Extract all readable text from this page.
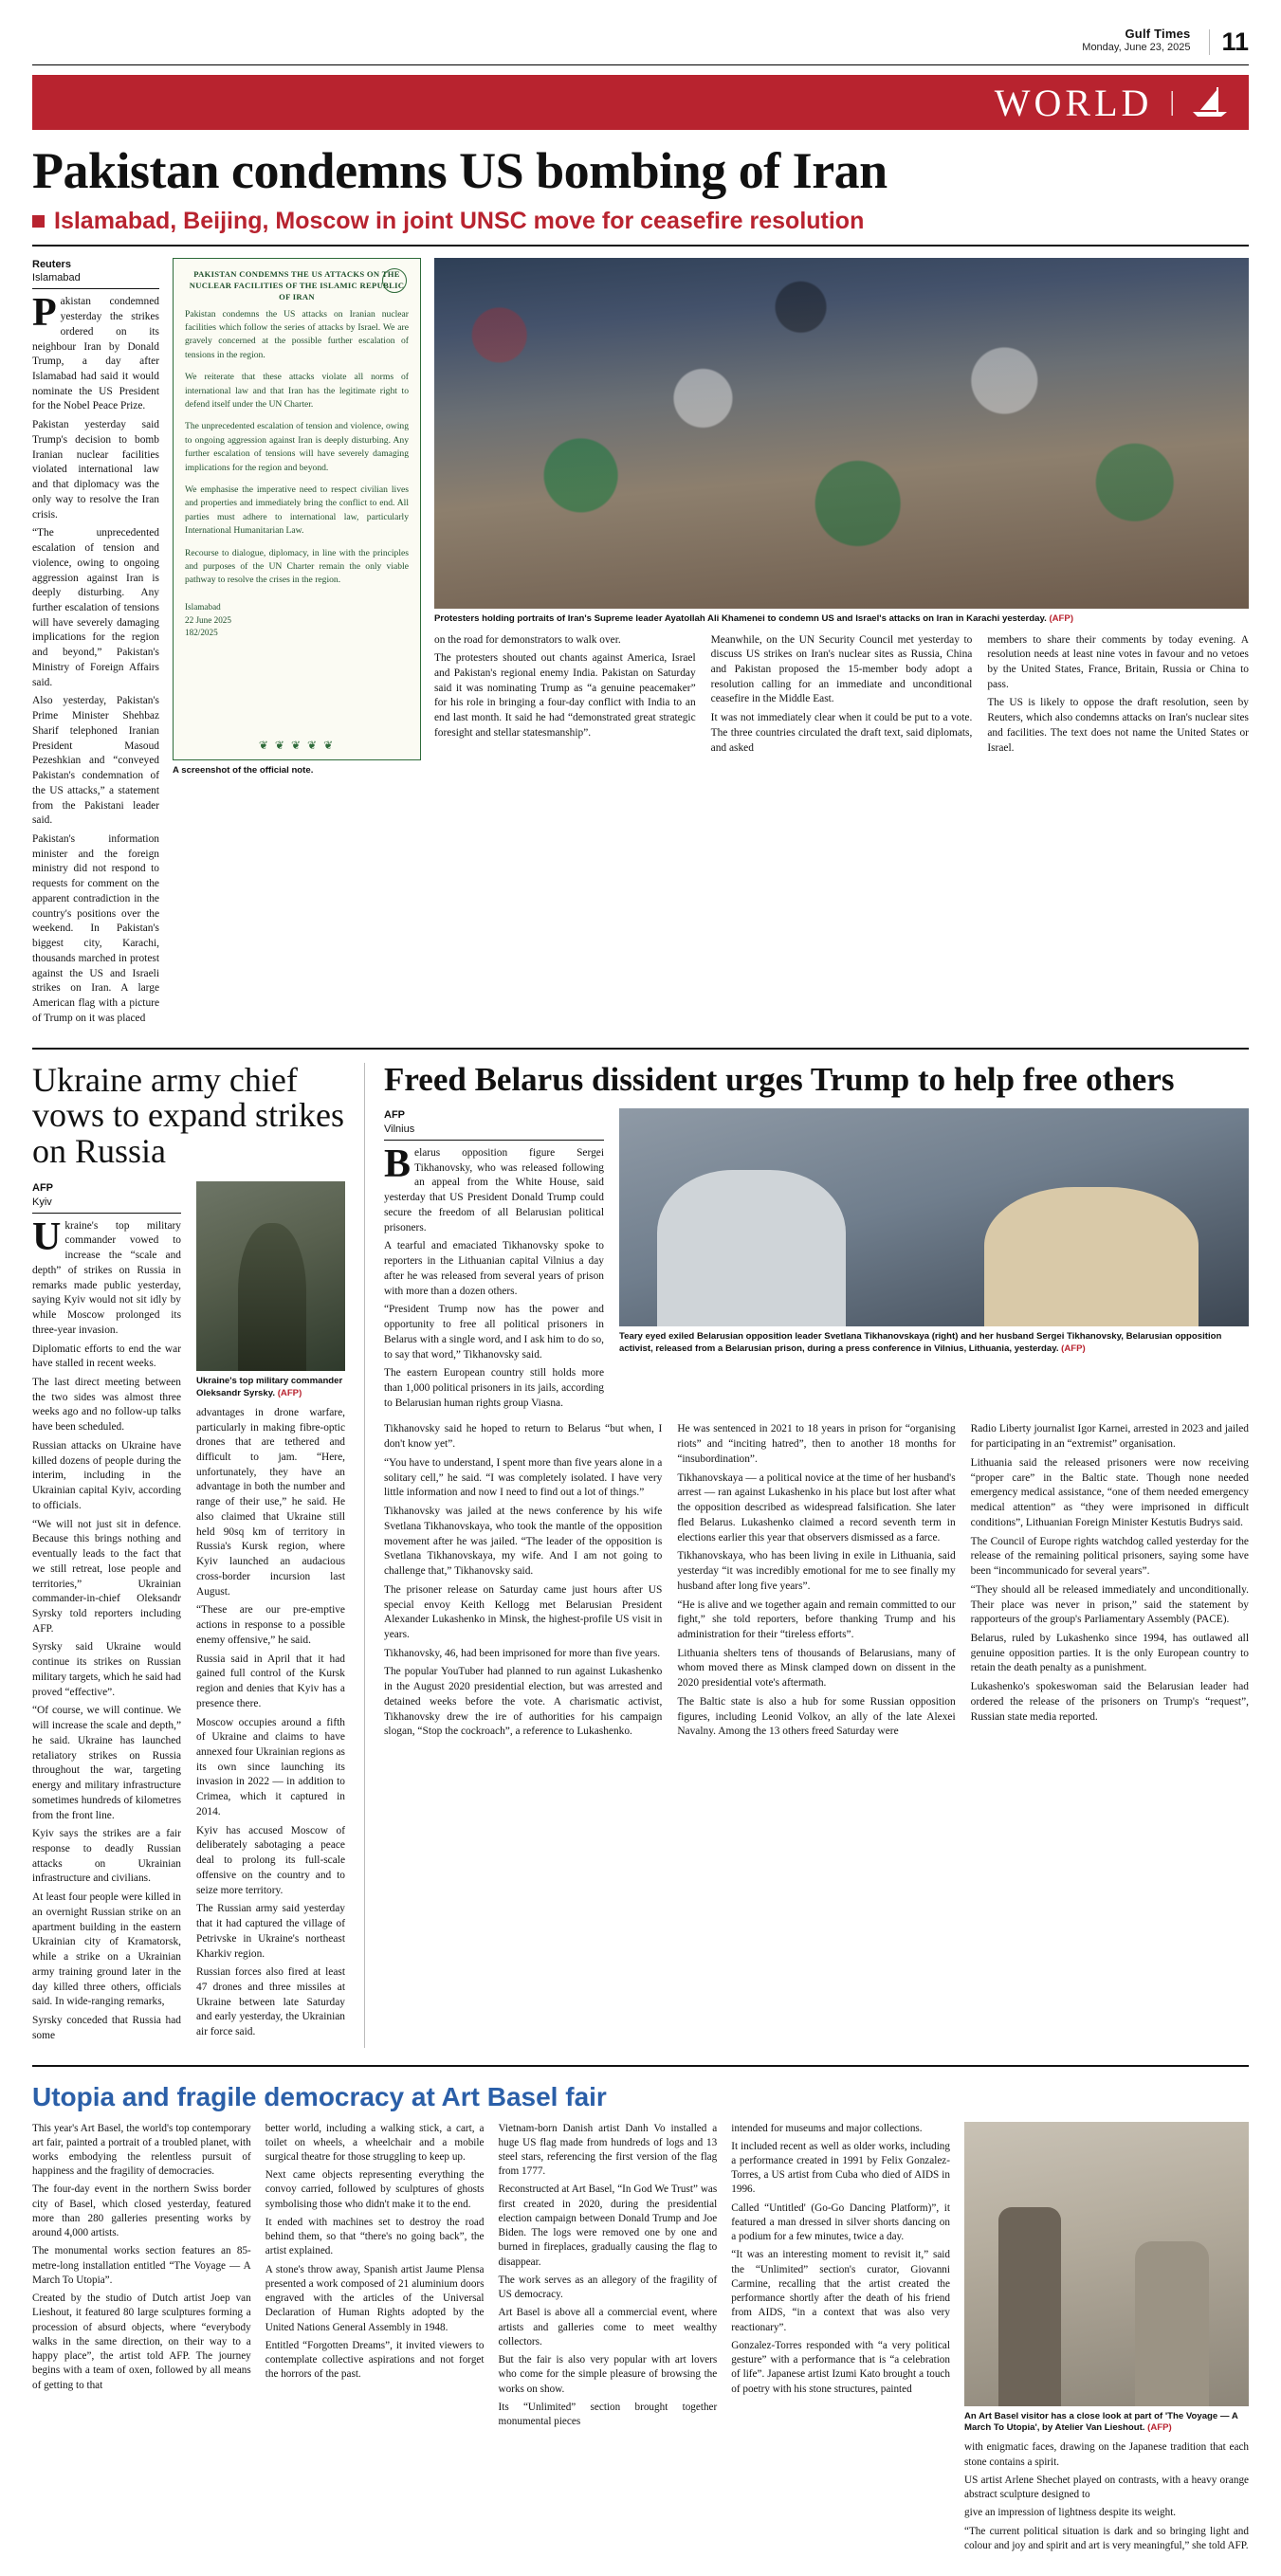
Gulf Times
Monday, June 23, 2025	11
WORLD |
Pakistan condemns US bombing of Iran
Islamabad, Beijing, Moscow in joint UNSC move for ceasefire resolution
Reuters
Islamabad

Pakistan condemned yesterday the strikes ordered on its neighbour Iran by Donald Trump, a day after Islamabad had said it would nominate the US President for the Nobel Peace Prize.

Pakistan yesterday said Trump's decision to bomb Iranian nuclear facilities violated international law and that diplomacy was the only way to resolve the Iran crisis.

“The unprecedented escalation of tension and violence, owing to ongoing aggression against Iran is deeply disturbing. Any further escalation of tensions will have severely damaging implications for the region and beyond,” Pakistan's Ministry of Foreign Affairs said.

Also yesterday, Pakistan's Prime Minister Shehbaz Sharif telephoned Iranian President Masoud Pezeshkian and “conveyed Pakistan's condemnation of the US attacks,” a statement from the Pakistani leader said.

Pakistan's information minister and the foreign ministry did not respond to requests for comment on the apparent contradiction in the country's positions over the weekend. In Pakistan's biggest city, Karachi, thousands marched in protest against the US and Israeli strikes on Iran. A large American flag with a picture of Trump on it was placed

PAKISTAN CONDEMNS THE US ATTACKS ON THE NUCLEAR FACILITIES OF THE ISLAMIC REPUBLIC OF IRAN

Pakistan condemns the US attacks on Iranian nuclear facilities which follow the series of attacks by Israel. We are gravely concerned at the possible further escalation of tensions in the region.

We reiterate that these attacks violate all norms of international law and that Iran has the legitimate right to defend itself under the UN Charter.

The unprecedented escalation of tension and violence, owing to ongoing aggression against Iran is deeply disturbing. Any further escalation of tensions will have severely damaging implications for the region and beyond.

We emphasise the imperative need to respect civilian lives and properties and immediately bring the conflict to end. All parties must adhere to international law, particularly International Humanitarian Law.

Recourse to dialogue, diplomacy, in line with the principles and purposes of the UN Charter remain the only viable pathway to resolve the crises in the region.

Islamabad
22 June 2025
182/2025
❦ ❦ ❦ ❦ ❦
A screenshot of the official note.
Protesters holding portraits of Iran's Supreme leader Ayatollah Ali Khamenei to condemn US and Israel's attacks on Iran in Karachi yesterday. (AFP)

on the road for demonstrators to walk over.

The protesters shouted out chants against America, Israel and Pakistan's regional enemy India. Pakistan on Saturday said it was nominating Trump as “a genuine peacemaker” for his role in bringing a four-day conflict with India to an end last month. It said he had “demonstrated great strategic foresight and stellar statesmanship”.

Meanwhile, on the UN Security Council met yesterday to discuss US strikes on Iran's nuclear sites as Russia, China and Pakistan proposed the 15-member body adopt a resolution calling for an immediate and unconditional ceasefire in the Middle East.

It was not immediately clear when it could be put to a vote. The three countries circulated the draft text, said diplomats, and asked

members to share their comments by today evening. A resolution needs at least nine votes in favour and no vetoes by the United States, France, Britain, Russia or China to pass.

The US is likely to oppose the draft resolution, seen by Reuters, which also condemns attacks on Iran's nuclear sites and facilities. The text does not name the United States or Israel.

Ukraine army chief vows to expand strikes on Russia
AFP
Kyiv

Ukraine's top military commander vowed to increase the “scale and depth” of strikes on Russia in remarks made public yesterday, saying Kyiv would not sit idly by while Moscow prolonged its three-year invasion.

Diplomatic efforts to end the war have stalled in recent weeks.

The last direct meeting between the two sides was almost three weeks ago and no follow-up talks have been scheduled.

Russian attacks on Ukraine have killed dozens of people during the interim, including in the Ukrainian capital Kyiv, according to officials.

“We will not just sit in defence. Because this brings nothing and eventually leads to the fact that we still retreat, lose people and territories,” Ukrainian commander-in-chief Oleksandr Syrsky told reporters including AFP.

Syrsky said Ukraine would continue its strikes on Russian military targets, which he said had proved “effective”.

“Of course, we will continue. We will increase the scale and depth,” he said. Ukraine has launched retaliatory strikes on Russia throughout the war, targeting energy and military infrastructure sometimes hundreds of kilometres from the front line.

Kyiv says the strikes are a fair response to deadly Russian attacks on Ukrainian infrastructure and civilians.

At least four people were killed in an overnight Russian strike on an apartment building in the eastern Ukrainian city of Kramatorsk, while a strike on a Ukrainian army training ground later in the day killed three others, officials said. In wide-ranging remarks,

Syrsky conceded that Russia had some

Ukraine's top military commander Oleksandr Syrsky. (AFP)

advantages in drone warfare, particularly in making fibre-optic drones that are tethered and difficult to jam. “Here, unfortunately, they have an advantage in both the number and range of their use,” he said. He also claimed that Ukraine still held 90sq km of territory in Russia's Kursk region, where Kyiv launched an audacious cross-border incursion last August.

“These are our pre-emptive actions in response to a possible enemy offensive,” he said.

Russia said in April that it had gained full control of the Kursk region and denies that Kyiv has a presence there.

Moscow occupies around a fifth of Ukraine and claims to have annexed four Ukrainian regions as its own since launching its invasion in 2022 — in addition to Crimea, which it captured in 2014.

Kyiv has accused Moscow of deliberately sabotaging a peace deal to prolong its full-scale offensive on the country and to seize more territory.

The Russian army said yesterday that it had captured the village of Petrivske in Ukraine's northeast Kharkiv region.

Russian forces also fired at least 47 drones and three missiles at Ukraine between late Saturday and early yesterday, the Ukrainian air force said.

Freed Belarus dissident urges Trump to help free others
AFP
Vilnius

Belarus opposition figure Sergei Tikhanovsky, who was released following an appeal from the White House, said yesterday that US President Donald Trump could secure the freedom of all Belarusian political prisoners.

A tearful and emaciated Tikhanovsky spoke to reporters in the Lithuanian capital Vilnius a day after he was released from several years of prison with more than a dozen others.

“President Trump now has the power and opportunity to free all political prisoners in Belarus with a single word, and I ask him to do so, to say that word,” Tikhanovsky said.

The eastern European country still holds more than 1,000 political prisoners in its jails, according to Belarusian human rights group Viasna.

Teary eyed exiled Belarusian opposition leader Svetlana Tikhanovskaya (right) and her husband Sergei Tikhanovsky, Belarusian opposition activist, released from a Belarusian prison, during a press conference in Vilnius, Lithuania, yesterday. (AFP)

Tikhanovsky said he hoped to return to Belarus “but when, I don't know yet”.

“You have to understand, I spent more than five years alone in a solitary cell,” he said. “I was completely isolated. I have very little information and now I need to find out a lot of things.”

Tikhanovsky was jailed at the news conference by his wife Svetlana Tikhanovskaya, who took the mantle of the opposition movement after he was jailed. “The leader of the opposition is Svetlana Tikhanovskaya, my wife. And I am not going to challenge that,” Tikhanovsky said.

The prisoner release on Saturday came just hours after US special envoy Keith Kellogg met Belarusian President Alexander Lukashenko in Minsk, the highest-profile US visit in years.

Tikhanovsky, 46, had been imprisoned for more than five years.

The popular YouTuber had planned to run against Lukashenko in the August 2020 presidential election, but was arrested and detained weeks before the vote. A charismatic activist, Tikhanovsky drew the ire of authorities for his campaign slogan, “Stop the cockroach”, a reference to Lukashenko.

He was sentenced in 2021 to 18 years in prison for “organising riots” and “inciting hatred”, then to another 18 months for “insubordination”.

Tikhanovskaya — a political novice at the time of her husband's arrest — ran against Lukashenko in his place but lost after what the opposition described as widespread falsification. She later fled Belarus. Lukashenko claimed a record seventh term in elections earlier this year that observers dismissed as a farce.

Tikhanovskaya, who has been living in exile in Lithuania, said yesterday “it was incredibly emotional for me to see finally my husband after long five years”.

“He is alive and we together again and remain committed to our fight,” she told reporters, before thanking Trump and his administration for their “tireless efforts”.

Lithuania shelters tens of thousands of Belarusians, many of whom moved there as Minsk clamped down on dissent in the 2020 presidential vote's aftermath.

The Baltic state is also a hub for some Russian opposition figures, including Leonid Volkov, an ally of the late Alexei Navalny. Among the 13 others freed Saturday were

Radio Liberty journalist Igor Karnei, arrested in 2023 and jailed for participating in an “extremist” organisation.

Lithuania said the released prisoners were now receiving “proper care” in the Baltic state. Though none needed emergency medical assistance, “one of them needed emergency medical attention” as “they were imprisoned in difficult conditions”, Lithuanian Foreign Minister Kestutis Budrys said.

The Council of Europe rights watchdog called yesterday for the release of the remaining political prisoners, saying some have been “incommunicado for several years”.

“They should all be released immediately and unconditionally. Their place was never in prison,” said the statement by rapporteurs of the group's Parliamentary Assembly (PACE).

Belarus, ruled by Lukashenko since 1994, has outlawed all genuine opposition parties. It is the only European country to retain the death penalty as a punishment.

Lukashenko's spokeswoman said the Belarusian leader had ordered the release of the prisoners on Trump's “request”, Russian state media reported.

Utopia and fragile democracy at Art Basel fair

This year's Art Basel, the world's top contemporary art fair, painted a portrait of a troubled planet, with works embodying the relentless pursuit of happiness and the fragility of democracies.

The four-day event in the northern Swiss border city of Basel, which closed yesterday, featured more than 280 galleries presenting works by around 4,000 artists.

The monumental works section features an 85-metre-long installation entitled “The Voyage — A March To Utopia”.

Created by the studio of Dutch artist Joep van Lieshout, it featured 80 large sculptures forming a procession of absurd objects, where “everybody walks in the same direction, on their way to a happy place”, the artist told AFP. The journey begins with a team of oxen, followed by all means of getting to that

better world, including a walking stick, a cart, a toilet on wheels, a wheelchair and a mobile surgical theatre for those struggling to keep up.

Next came objects representing everything the convoy carried, followed by sculptures of ghosts symbolising those who didn't make it to the end.

It ended with machines set to destroy the road behind them, so that “there's no going back”, the artist explained.

A stone's throw away, Spanish artist Jaume Plensa presented a work composed of 21 aluminium doors engraved with the articles of the Universal Declaration of Human Rights adopted by the United Nations General Assembly in 1948.

Entitled “Forgotten Dreams”, it invited viewers to contemplate collective aspirations and not forget the horrors of the past.

Vietnam-born Danish artist Danh Vo installed a huge US flag made from hundreds of logs and 13 steel stars, referencing the first version of the flag from 1777.

Reconstructed at Art Basel, “In God We Trust” was first created in 2020, during the presidential election campaign between Donald Trump and Joe Biden. The logs were removed one by one and burned in fireplaces, gradually causing the flag to disappear.

The work serves as an allegory of the fragility of US democracy.

Art Basel is above all a commercial event, where artists and galleries come to meet wealthy collectors.

But the fair is also very popular with art lovers who come for the simple pleasure of browsing the works on show.

Its “Unlimited” section brought together monumental pieces

intended for museums and major collections.

It included recent as well as older works, including a performance created in 1991 by Felix Gonzalez-Torres, a US artist from Cuba who died of AIDS in 1996.

Called “Untitled' (Go-Go Dancing Platform)”, it featured a man dressed in silver shorts dancing on a podium for a few minutes, twice a day.

“It was an interesting moment to revisit it,” said the “Unlimited” section's curator, Giovanni Carmine, recalling that the artist created the performance shortly after the death of his friend from AIDS, “in a context that was also very reactionary”.

Gonzalez-Torres responded with “a very political gesture” with a performance that is “a celebration of life”. Japanese artist Izumi Kato brought a touch of poetry with his stone structures, painted

An Art Basel visitor has a close look at part of 'The Voyage — A March To Utopia', by Atelier Van Lieshout. (AFP)

with enigmatic faces, drawing on the Japanese tradition that each stone contains a spirit.

US artist Arlene Shechet played on contrasts, with a heavy orange abstract sculpture designed to

give an impression of lightness despite its weight.

“The current political situation is dark and so bringing light and colour and joy and spirit and art is very meaningful,” she told AFP.
